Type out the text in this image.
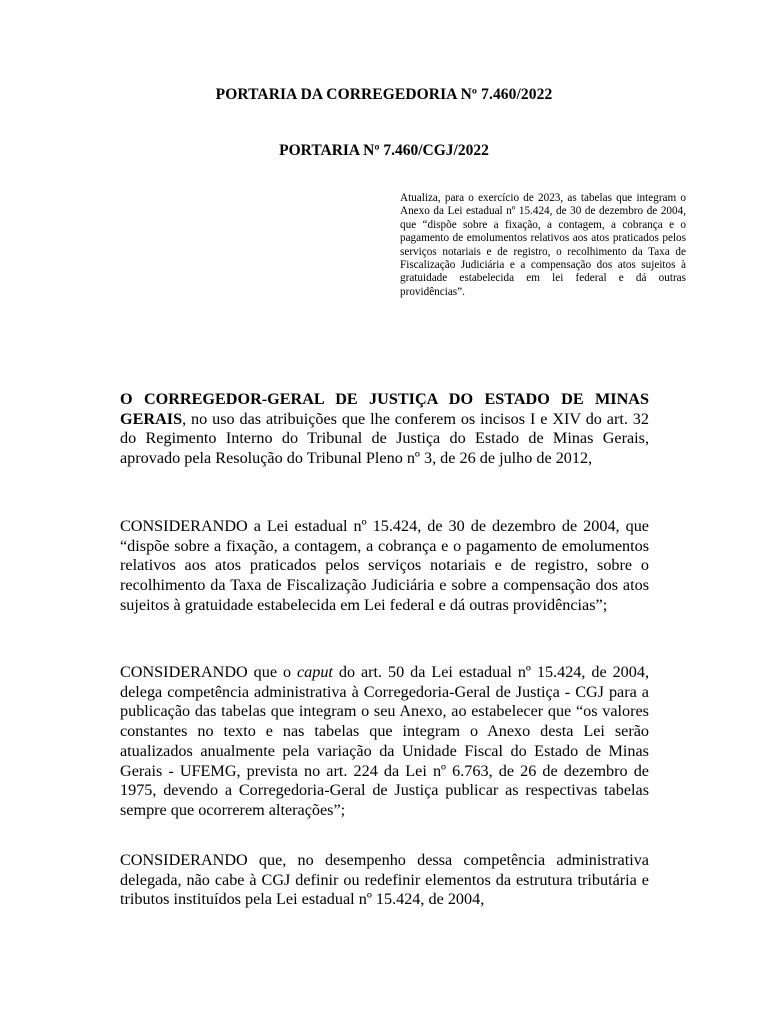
PORTARIA DA CORREGEDORIA Nº 7.460/2022
PORTARIA Nº 7.460/CGJ/2022
Atualiza, para o exercício de 2023, as tabelas que integram o Anexo da Lei estadual nº 15.424, de 30 de dezembro de 2004, que “dispõe sobre a fixação, a contagem, a cobrança e o pagamento de emolumentos relativos aos atos praticados pelos serviços notariais e de registro, o recolhimento da Taxa de Fiscalização Judiciária e a compensação dos atos sujeitos à gratuidade estabelecida em lei federal e dá outras providências”.
O CORREGEDOR-GERAL DE JUSTIÇA DO ESTADO DE MINAS GERAIS, no uso das atribuições que lhe conferem os incisos I e XIV do art. 32 do Regimento Interno do Tribunal de Justiça do Estado de Minas Gerais, aprovado pela Resolução do Tribunal Pleno nº 3, de 26 de julho de 2012,
CONSIDERANDO a Lei estadual nº 15.424, de 30 de dezembro de 2004, que “dispõe sobre a fixação, a contagem, a cobrança e o pagamento de emolumentos relativos aos atos praticados pelos serviços notariais e de registro, sobre o recolhimento da Taxa de Fiscalização Judiciária e sobre a compensação dos atos sujeitos à gratuidade estabelecida em Lei federal e dá outras providências”;
CONSIDERANDO que o caput do art. 50 da Lei estadual nº 15.424, de 2004, delega competência administrativa à Corregedoria-Geral de Justiça - CGJ para a publicação das tabelas que integram o seu Anexo, ao estabelecer que “os valores constantes no texto e nas tabelas que integram o Anexo desta Lei serão atualizados anualmente pela variação da Unidade Fiscal do Estado de Minas Gerais - UFEMG, prevista no art. 224 da Lei nº 6.763, de 26 de dezembro de 1975, devendo a Corregedoria-Geral de Justiça publicar as respectivas tabelas sempre que ocorrerem alterações”;
CONSIDERANDO que, no desempenho dessa competência administrativa delegada, não cabe à CGJ definir ou redefinir elementos da estrutura tributária e tributos instituídos pela Lei estadual nº 15.424, de 2004,
